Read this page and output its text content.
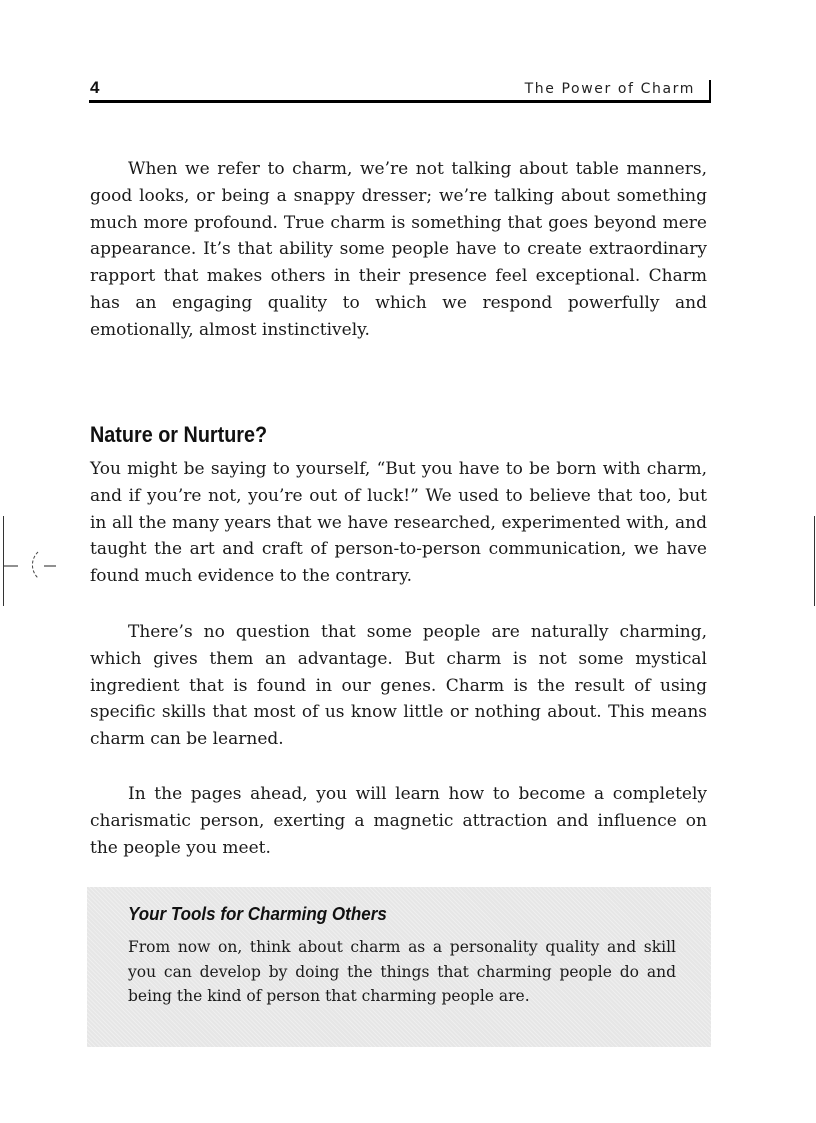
4	The Power of Charm

When we refer to charm, we’re not talking about table manners, good looks, or being a snappy dresser; we’re talking about something much more profound. True charm is something that goes beyond mere appearance. It’s that ability some people have to create extraordinary rapport that makes others in their presence feel exceptional. Charm has an engaging quality to which we respond powerfully and emotionally, almost instinctively.

Nature or Nurture?

You might be saying to yourself, “But you have to be born with charm, and if you’re not, you’re out of luck!” We used to believe that too, but in all the many years that we have researched, experimented with, and taught the art and craft of person-to-person communication, we have found much evidence to the contrary.

There’s no question that some people are naturally charming, which gives them an advantage. But charm is not some mystical ingredient that is found in our genes. Charm is the result of using specific skills that most of us know little or nothing about. This means charm can be learned.

In the pages ahead, you will learn how to become a completely charismatic person, exerting a magnetic attraction and influence on the people you meet.

Your Tools for Charming Others

From now on, think about charm as a personality quality and skill you can develop by doing the things that charming people do and being the kind of person that charming people are.
